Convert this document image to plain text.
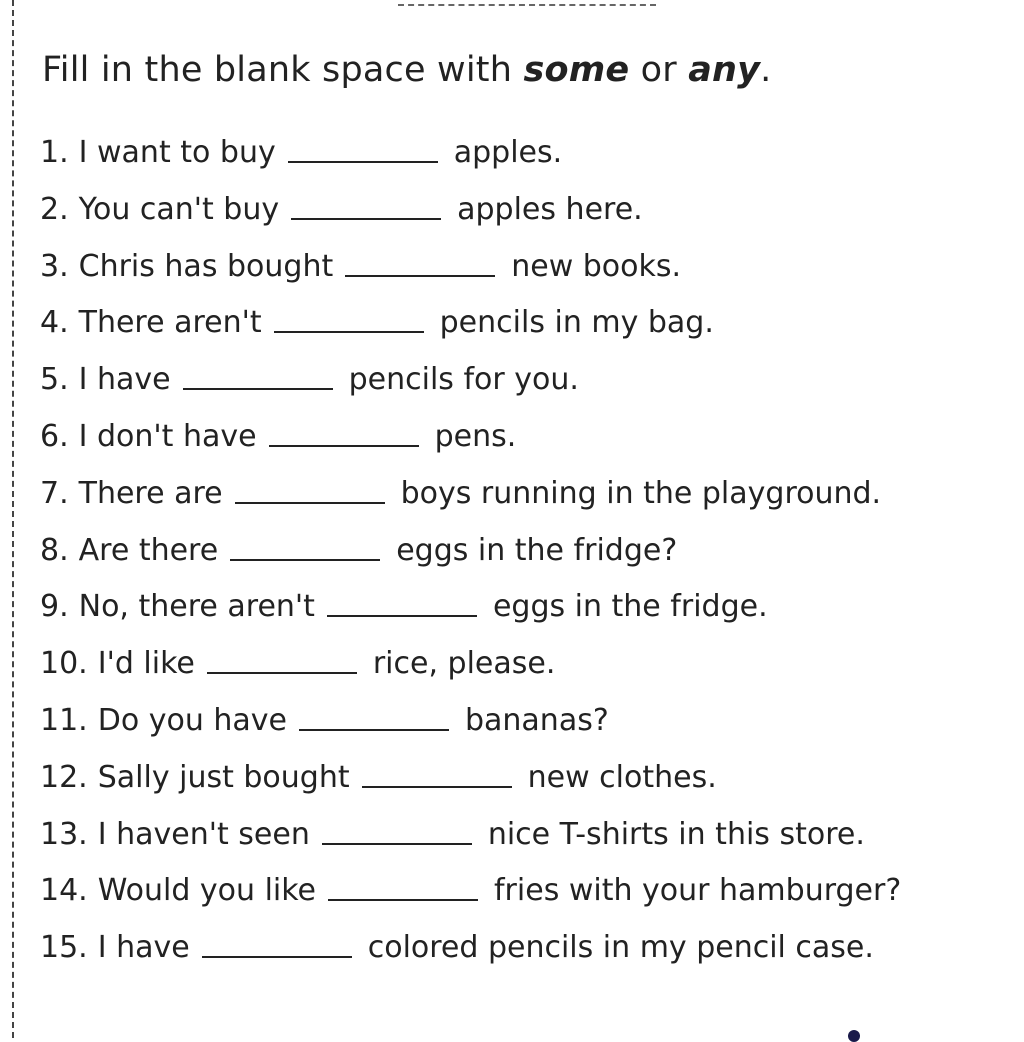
Fill in the blank space with some or any.
1. I want to buy	apples.
2. You can't buy	apples here.
3. Chris has bought	new books.
4. There aren't	pencils in my bag.
5. I have	pencils for you.
6. I don't have	pens.
7. There are	boys running in the playground.
8. Are there	eggs in the fridge?
9. No, there aren't	eggs in the fridge.
10. I'd like	rice, please.
11. Do you have	bananas?
12. Sally just bought	new clothes.
13. I haven't seen	nice T-shirts in this store.
14. Would you like	fries with your hamburger?
15. I have	colored pencils in my pencil case.
